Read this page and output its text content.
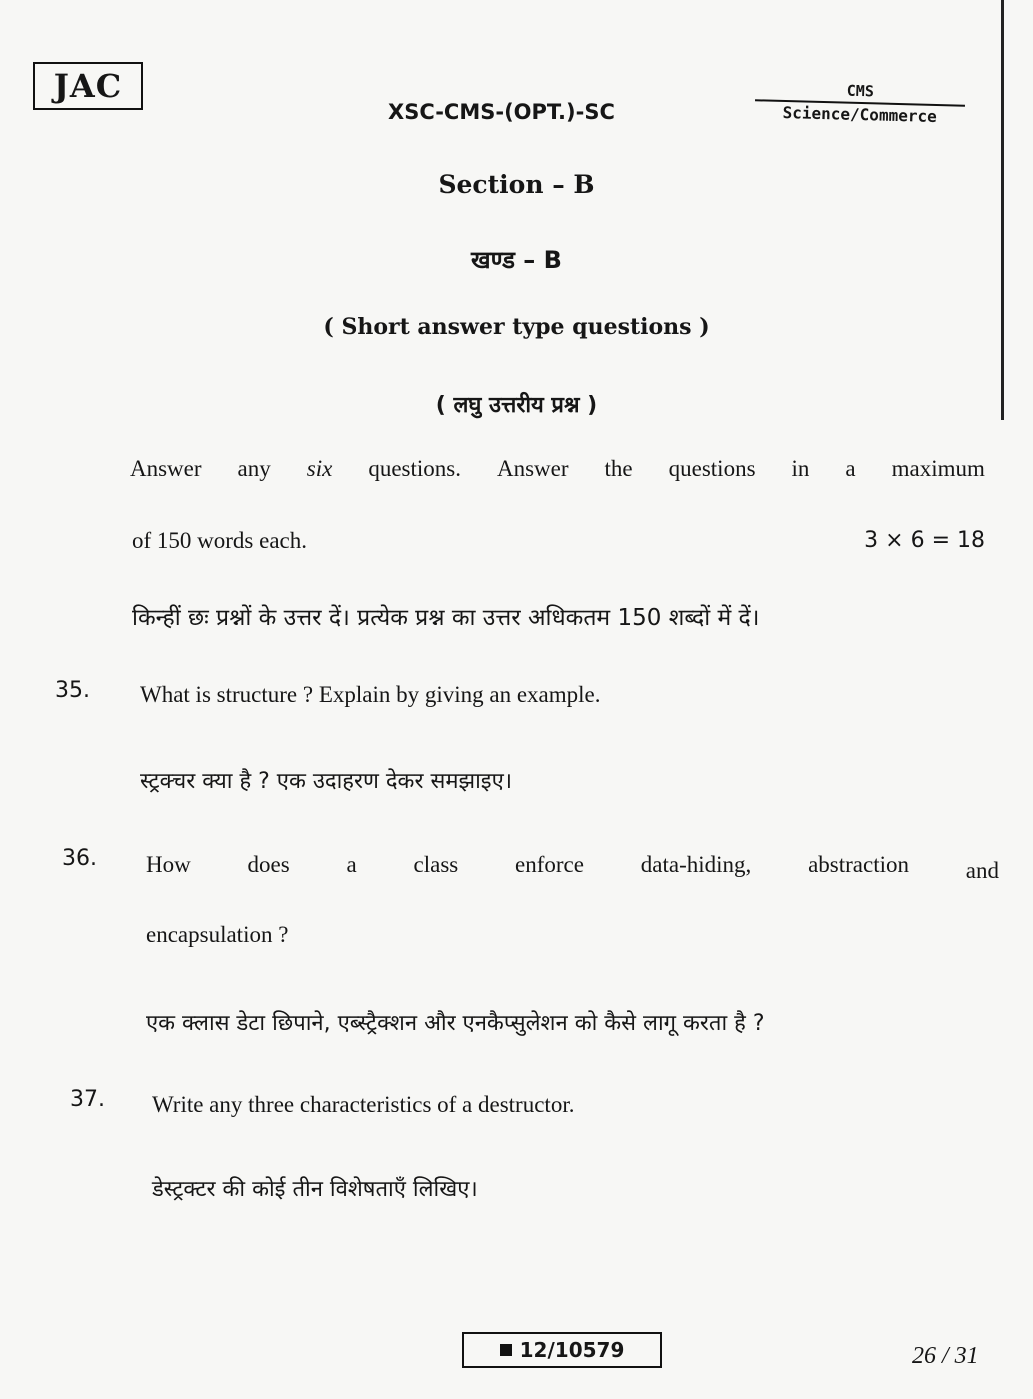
JAC
XSC-CMS-(OPT.)-SC
CMS
Science/Commerce
Section – B
खण्ड – B
( Short answer type questions )
( लघु उत्तरीय प्रश्न )
Answer any six questions. Answer the questions in a maximum
of 150 words each.	3 × 6 = 18
किन्हीं छः प्रश्नों के उत्तर दें। प्रत्येक प्रश्न का उत्तर अधिकतम 150 शब्दों में दें।
35. What is structure ? Explain by giving an example.
स्ट्रक्चर क्या है ? एक उदाहरण देकर समझाइए।
36. How does a class enforce data-hiding, abstraction and
encapsulation ?
एक क्लास डेटा छिपाने, एब्स्ट्रैक्शन और एनकैप्सुलेशन को कैसे लागू करता है ?
37. Write any three characteristics of a destructor.
डेस्ट्रक्टर की कोई तीन विशेषताएँ लिखिए।
12/10579	26 / 31
